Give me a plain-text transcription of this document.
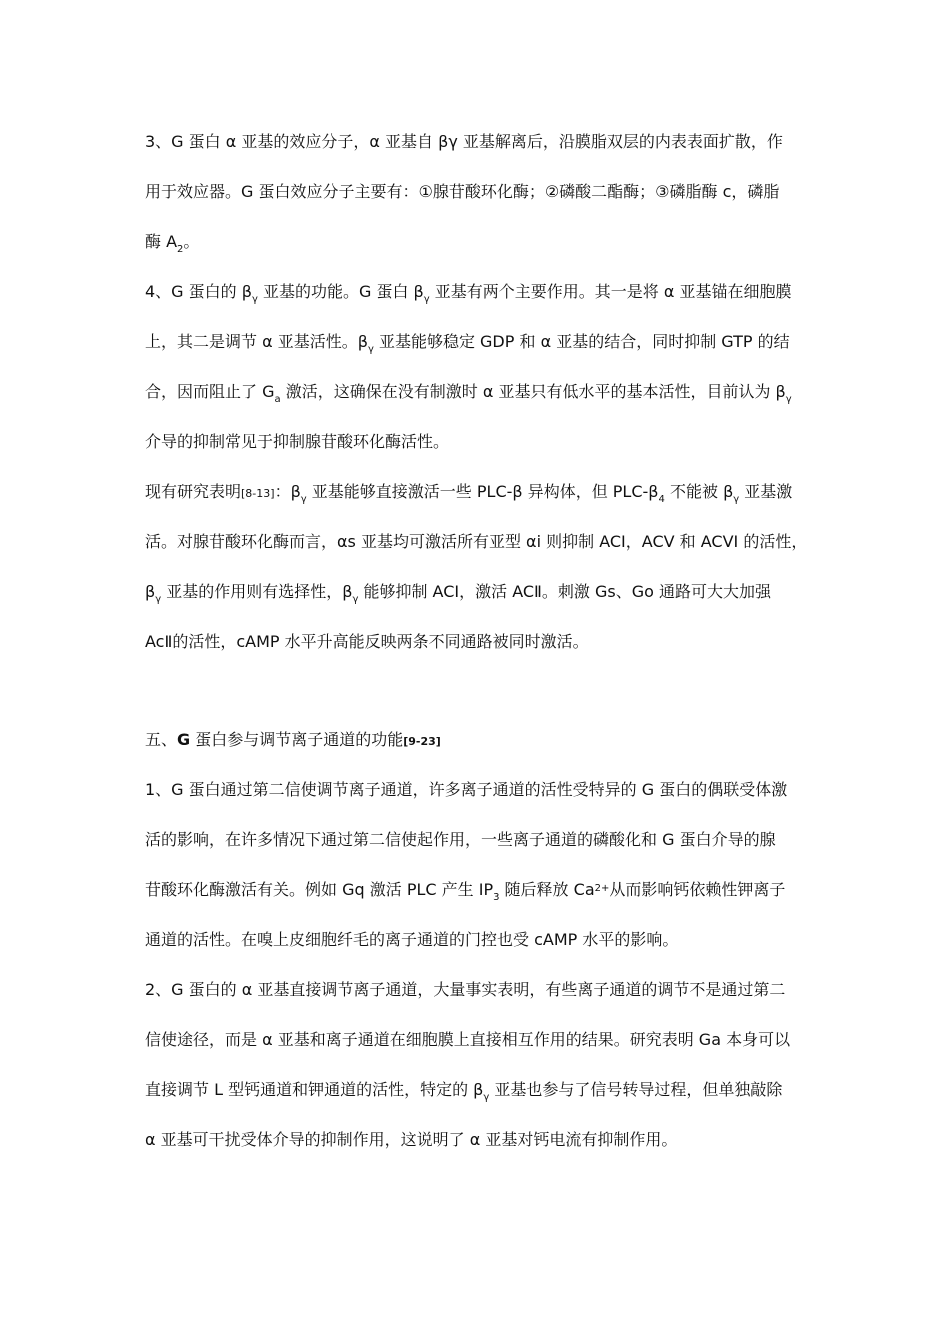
3、G 蛋白 α 亚基的效应分子，α 亚基自 βγ 亚基解离后，沿膜脂双层的内表表面扩散，作
用于效应器。G 蛋白效应分子主要有：①腺苷酸环化酶；②磷酸二酯酶；③磷脂酶 c，磷脂
酶 $A_2$。
4、G 蛋白的 $\beta_\gamma$ 亚基的功能。G 蛋白 $\beta_\gamma$ 亚基有两个主要作用。其一是将 α 亚基锚在细胞膜
上，其二是调节 α 亚基活性。$\beta_\gamma$ 亚基能够稳定 GDP 和 α 亚基的结合，同时抑制 GTP 的结
合，因而阻止了 $G_a$ 激活，这确保在没有制激时 α 亚基只有低水平的基本活性，目前认为 $\beta_\gamma$
介导的抑制常见于抑制腺苷酸环化酶活性。
现有研究表明[8-13]：$\beta_\gamma$ 亚基能够直接激活一些 PLC-β 异构体，但 PLC-$\beta_4$ 不能被 $\beta_\gamma$ 亚基激
活。对腺苷酸环化酶而言，αs 亚基均可激活所有亚型 αi 则抑制 ACI，ACV 和 ACVI 的活性，
$\beta_\gamma$ 亚基的作用则有选择性，$\beta_\gamma$ 能够抑制 ACⅠ，激活 ACⅡ。刺激 Gs、Go 通路可大大加强
AcⅡ的活性，cAMP 水平升高能反映两条不同通路被同时激活。
五、G 蛋白参与调节离子通道的功能[9-23]
1、G 蛋白通过第二信使调节离子通道，许多离子通道的活性受特异的 G 蛋白的偶联受体激
活的影响，在许多情况下通过第二信使起作用，一些离子通道的磷酸化和 G 蛋白介导的腺
苷酸环化酶激活有关。例如 Gq 激活 PLC 产生 $IP_3$ 随后释放 $Ca^{2+}$从而影响钙依赖性钾离子
通道的活性。在嗅上皮细胞纤毛的离子通道的门控也受 cAMP 水平的影响。
2、G 蛋白的 α 亚基直接调节离子通道，大量事实表明，有些离子通道的调节不是通过第二
信使途径，而是 α 亚基和离子通道在细胞膜上直接相互作用的结果。研究表明 Ga 本身可以
直接调节 L 型钙通道和钾通道的活性，特定的 $\beta_\gamma$ 亚基也参与了信号转导过程，但单独敲除
α 亚基可干扰受体介导的抑制作用，这说明了 α 亚基对钙电流有抑制作用。
